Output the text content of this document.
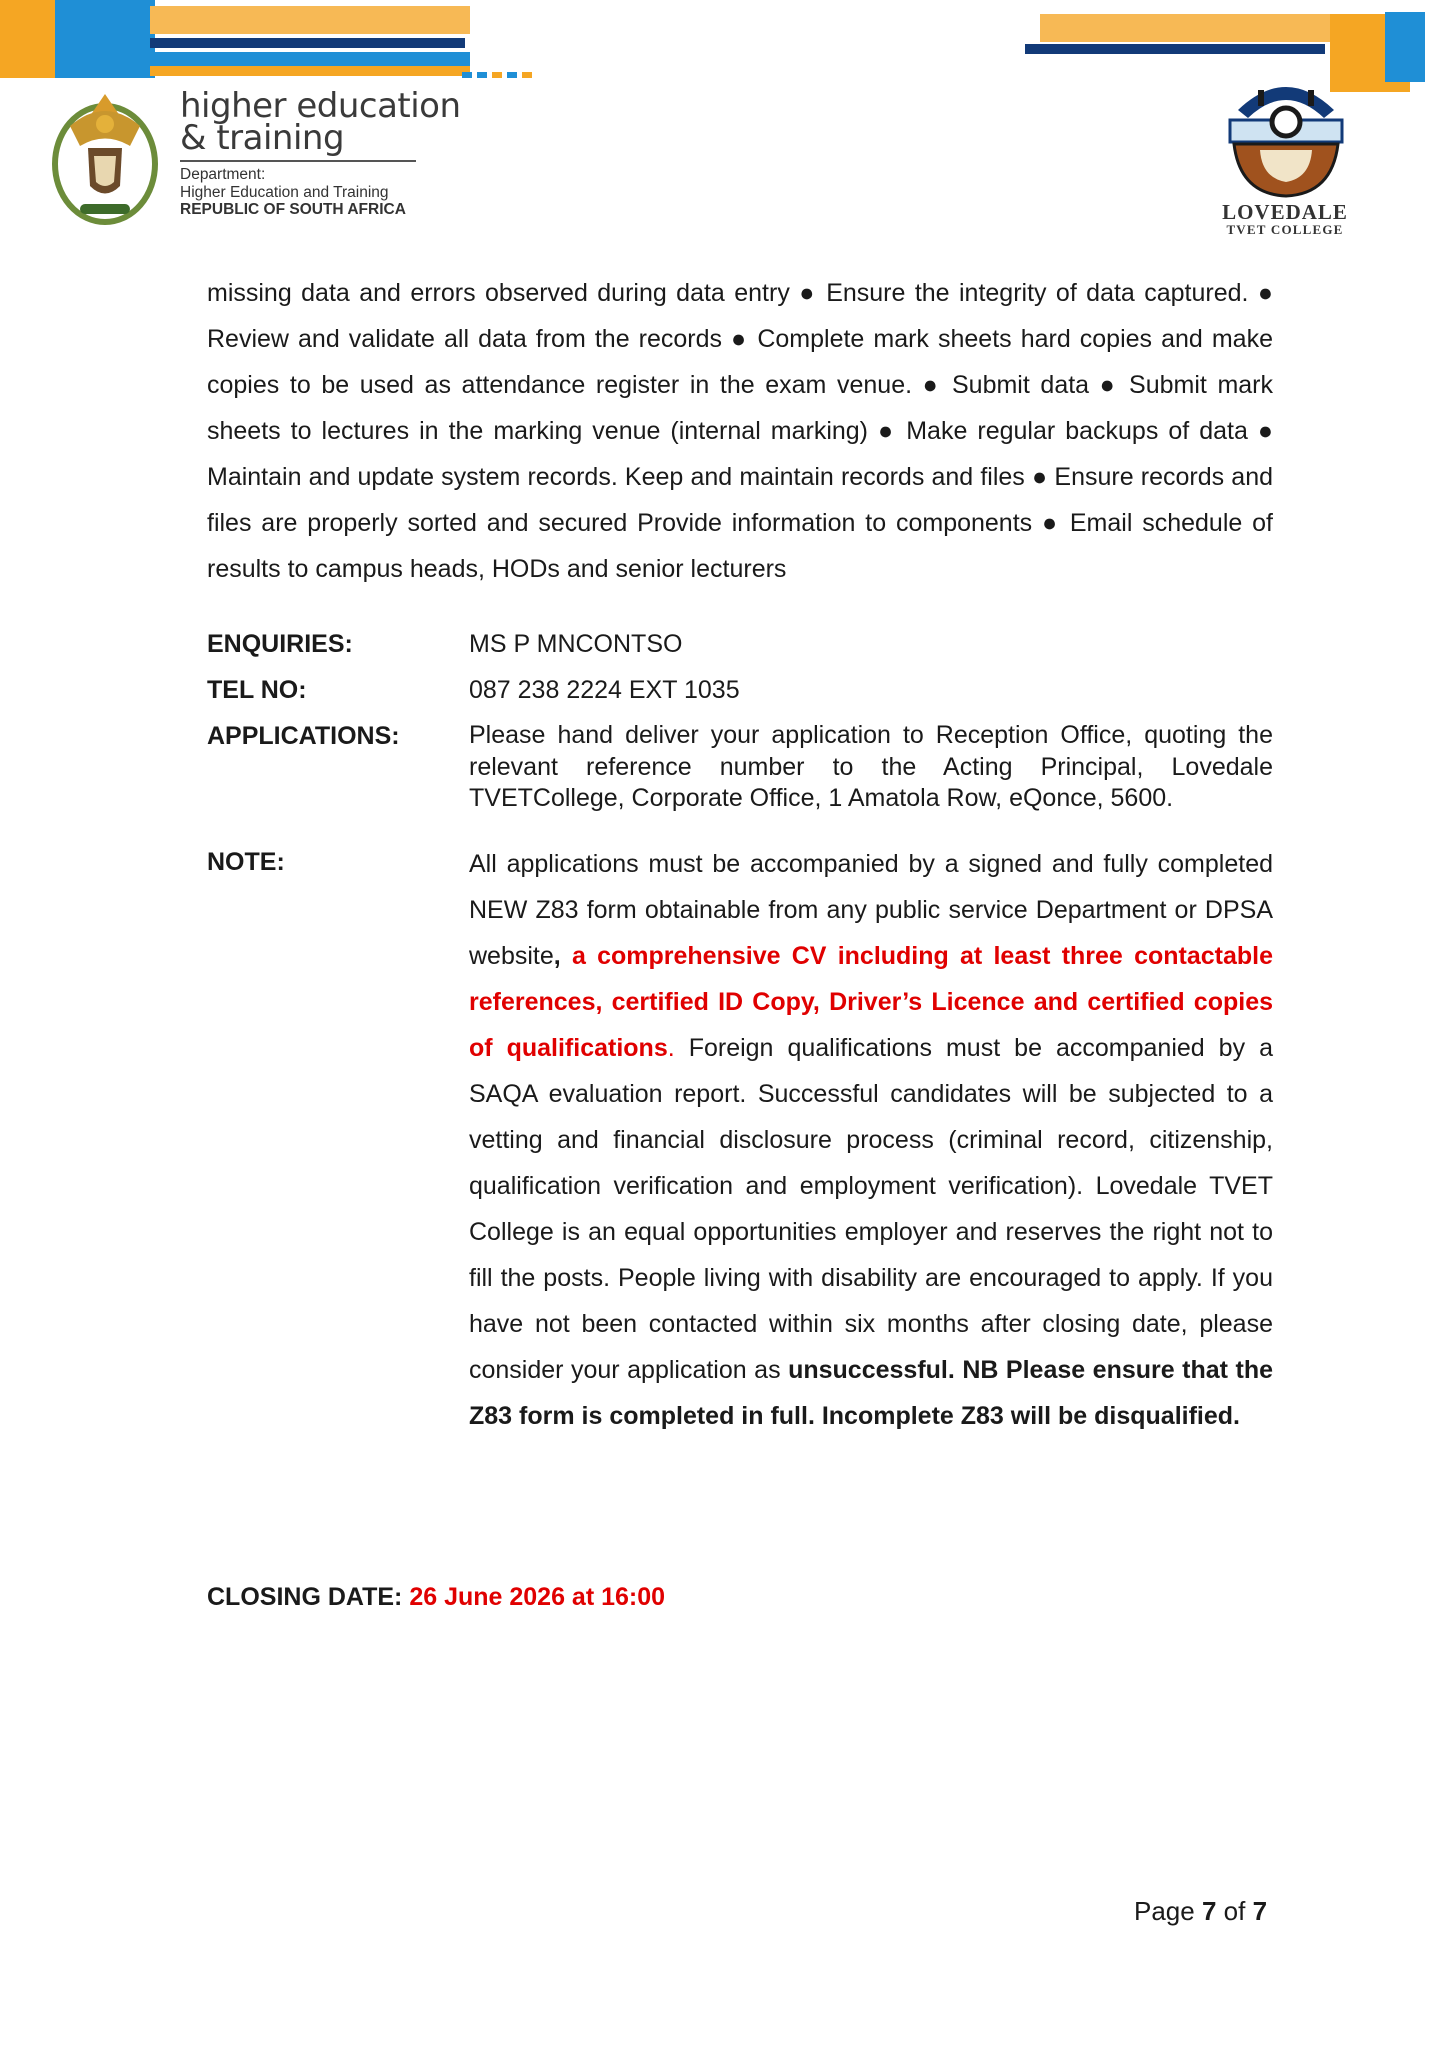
higher education
& training
Department:
Higher Education and Training
REPUBLIC OF SOUTH AFRICA	LOVEDALE
TVET COLLEGE
missing data and errors observed during data entry ● Ensure the integrity of data captured. ● Review and validate all data from the records ● Complete mark sheets hard copies and make copies to be used as attendance register in the exam venue. ● Submit data ● Submit mark sheets to lectures in the marking venue (internal marking) ● Make regular backups of data ● Maintain and update system records. Keep and maintain records and files ● Ensure records and files are properly sorted and secured Provide information to components ● Email schedule of results to campus heads, HODs and senior lecturers
ENQUIRIES:	MS P MNCONTSO
TEL NO:	087 238 2224 EXT 1035
APPLICATIONS:	Please hand deliver your application to Reception Office, quoting the relevant reference number to the Acting Principal, Lovedale TVETCollege, Corporate Office, 1 Amatola Row, eQonce, 5600.
NOTE:	All applications must be accompanied by a signed and fully completed NEW Z83 form obtainable from any public service Department or DPSA website, a comprehensive CV including at least three contactable references, certified ID Copy, Driver’s Licence and certified copies of qualifications. Foreign qualifications must be accompanied by a SAQA evaluation report. Successful candidates will be subjected to a vetting and financial disclosure process (criminal record, citizenship, qualification verification and employment verification). Lovedale TVET College is an equal opportunities employer and reserves the right not to fill the posts. People living with disability are encouraged to apply. If you have not been contacted within six months after closing date, please consider your application as unsuccessful. NB Please ensure that the Z83 form is completed in full. Incomplete Z83 will be disqualified.
CLOSING DATE: 26 June 2026 at 16:00
Page 7 of 7
